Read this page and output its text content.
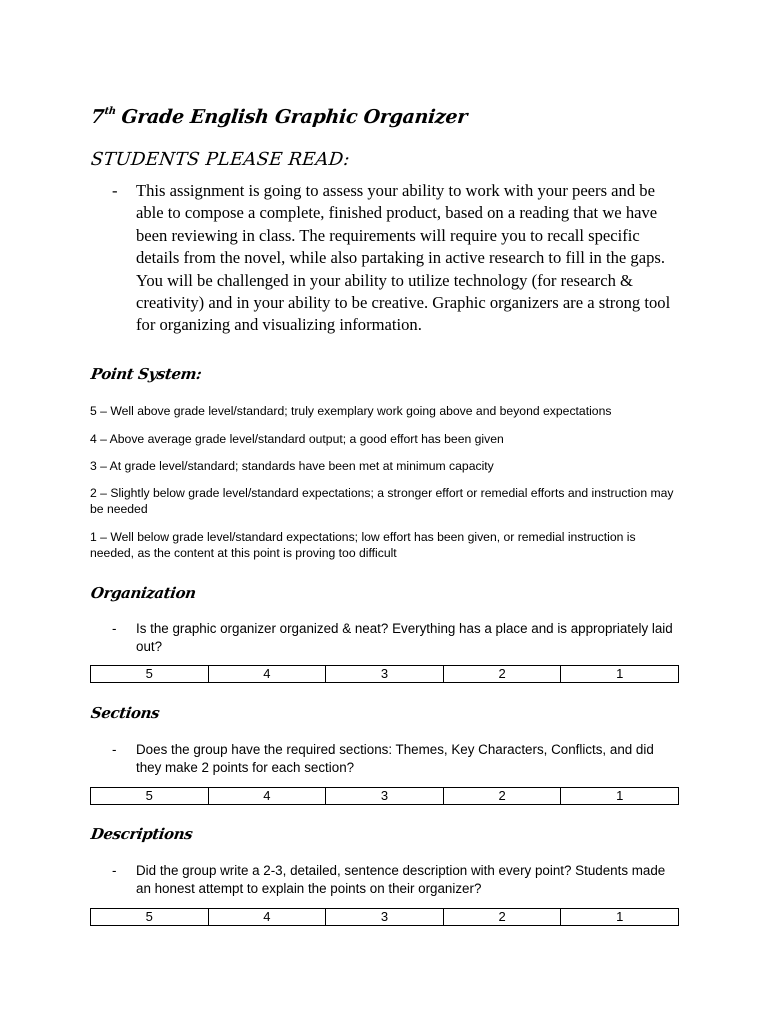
7th Grade English Graphic Organizer
STUDENTS PLEASE READ:
-	This assignment is going to assess your ability to work with your peers and be able to compose a complete, finished product, based on a reading that we have been reviewing in class. The requirements will require you to recall specific details from the novel, while also partaking in active research to fill in the gaps. You will be challenged in your ability to utilize technology (for research & creativity) and in your ability to be creative. Graphic organizers are a strong tool for organizing and visualizing information.
Point System:
5 – Well above grade level/standard; truly exemplary work going above and beyond expectations
4 – Above average grade level/standard output; a good effort has been given
3 – At grade level/standard; standards have been met at minimum capacity
2 – Slightly below grade level/standard expectations; a stronger effort or remedial efforts and instruction may be needed
1 – Well below grade level/standard expectations; low effort has been given, or remedial instruction is needed, as the content at this point is proving too difficult
Organization
-	Is the graphic organizer organized & neat? Everything has a place and is appropriately laid out?
5	4	3	2	1
Sections
-	Does the group have the required sections: Themes, Key Characters, Conflicts, and did they make 2 points for each section?
5	4	3	2	1
Descriptions
-	Did the group write a 2-3, detailed, sentence description with every point? Students made an honest attempt to explain the points on their organizer?
5	4	3	2	1
